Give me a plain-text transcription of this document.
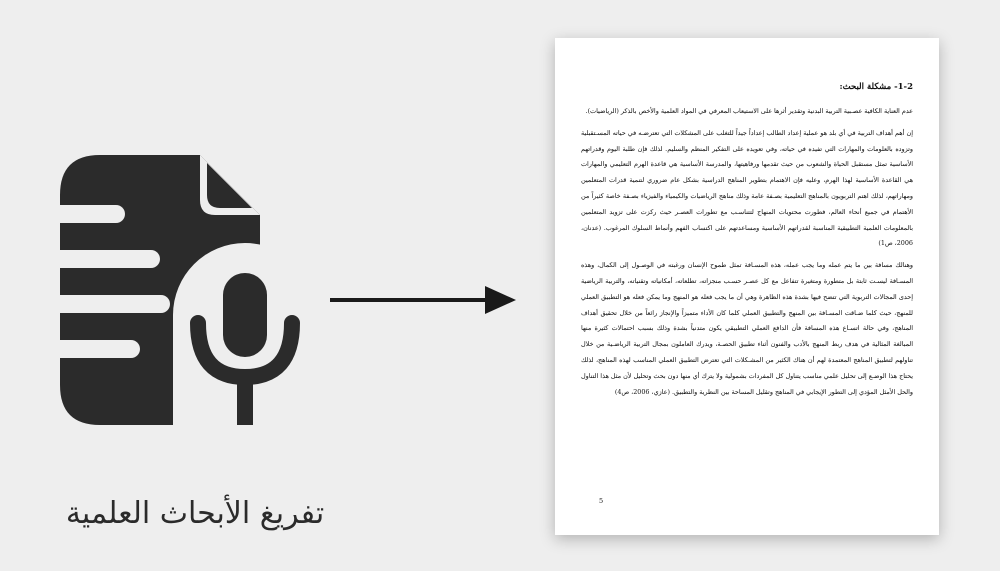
تفريغ الأبحاث العلمية
1-2- مشكلة البحث:

عدم العناية الكافية عصـبية التربية البدنية وتقدير أثرها على الاستيعاب المعرفي في المواد العلمية والأخص بالذكر (الرياضيات).

إن أهم أهداف التربية في أي بلد هو عملية إعداد الطالب إعداداً جيداً للتغلب على المشكلات التي تعترضـه في حياته المسـتقبلية وتزوده بالعلومات والمهارات التي تفيده في حياته، وفي تعويده على التفكير المنظم والسليم. لذلك فإن طلبة اليوم وقدراتهم الأساسية تمثل مستقبل الحياة والشعوب من حيث تقدمها ورفاهيتها، والمدرسة الأساسية هي قاعدة الهرم التعليمي والمهارات هي القاعدة الأساسية لهذا الهرم، وعليه فإن الاهتمام بتطوير المناهج الدراسية بشكل عام ضروري لتنمية قدرات المتعلمين ومهاراتهم، لذلك اهتم التربويون بالمناهج التعليمية بصـفة عامة وذلك مناهج الرياضيات والكيمياء والفيزياء بصـفة خاصة كثيراً من الأهتمام في جميع أنحاء العالم، فطورت محتويات المنهاج لتتناسـب مع تطورات العصـر حيث ركزت على تزويد المتعلمين بالمعلومات العلمية التطبيقية المناسبة لقدراتهم الأساسية ومساعدتهم على اكتساب الفهم وأنماط السلوك المرغوب. (عدنان، 2006، ص1)

وهنالك مسافة بين ما يتم عمله وما يجب عمله، هذه المسـافة تمثل طموح الإنسان ورغبته في الوصـول إلى الكمال، وهذه المسـافة ليسـت ثابتة بل متطورة ومتغيرة تتفاعل مع كل عصـر حسـب منجزاته، تطلعاته، أمكانياته وتقنياته، والتربية الرياضية إحدى المجالات التربوية التي تتضح فيها بشدة هذه الظاهرة وهي أن ما يجب فعله هو المنهج وما يمكن فعله هو التطبيق العملي للمنهج، حيث كلما ضـاقت المسـافة بين المنهج والتطبيق العملي كلما كان الأداء متميزاً والإنجاز رائعاً من خلال تحقيق أهداف المناهج، وفي حالة اتسـاع هذه المسافة فأن الدافع العملي التطبيقي يكون متدنياً بشدة وذلك بسبب احتمالات كثيرة منها المبالغة المثالية في هدف ربط المنهج بالأدب والفنون أثناء تطبيق الحصـة، ويدرك العاملون بمجال التربية الرياضـية من خلال تناولهم لتطبيق المناهج المعتمدة لهم أن هناك الكثير من المشـكلات التي تعترض التطبيق العملي المناسب لهذه المناهج، لذلك يحتاج هذا الوضـع إلى تحليل علمي مناسب يتناول كل المفردات بشمولية ولا يترك أي منها دون بحث وتحليل لأن مثل هذا التناول والحل الأمثل المؤدي إلى التطور الإيجابي في المناهج وتقليل المساحة بين النظرية والتطبيق. (عازي، 2006، ص4)

5
